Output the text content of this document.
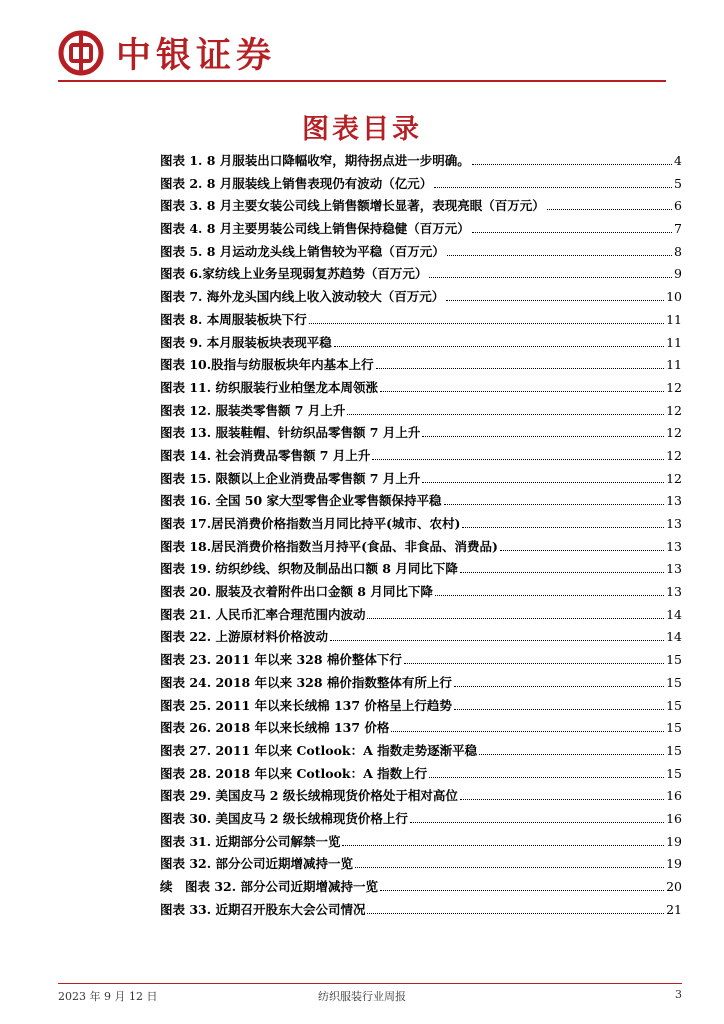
中银证券
图表目录
图表 1. 8 月服装出口降幅收窄，期待拐点进一步明确。	4
图表 2. 8 月服装线上销售表现仍有波动（亿元）	5
图表 3. 8 月主要女装公司线上销售额增长显著，表现亮眼（百万元）	6
图表 4. 8 月主要男装公司线上销售保持稳健（百万元）	7
图表 5. 8 月运动龙头线上销售较为平稳（百万元）	8
图表 6.家纺线上业务呈现弱复苏趋势（百万元）	9
图表 7. 海外龙头国内线上收入波动较大（百万元）	10
图表 8. 本周服装板块下行	11
图表 9. 本月服装板块表现平稳	11
图表 10.股指与纺服板块年内基本上行	11
图表 11. 纺织服装行业柏堡龙本周领涨	12
图表 12. 服装类零售额 7 月上升	12
图表 13. 服装鞋帽、针纺织品零售额 7 月上升	12
图表 14. 社会消费品零售额 7 月上升	12
图表 15. 限额以上企业消费品零售额 7 月上升	12
图表 16. 全国 50 家大型零售企业零售额保持平稳	13
图表 17.居民消费价格指数当月同比持平(城市、农村)	13
图表 18.居民消费价格指数当月持平(食品、非食品、消费品)	13
图表 19. 纺织纱线、织物及制品出口额 8 月同比下降	13
图表 20. 服装及衣着附件出口金额 8 月同比下降	13
图表 21. 人民币汇率合理范围内波动	14
图表 22. 上游原材料价格波动	14
图表 23. 2011 年以来 328 棉价整体下行	15
图表 24. 2018 年以来 328 棉价指数整体有所上行	15
图表 25. 2011 年以来长绒棉 137 价格呈上行趋势	15
图表 26. 2018 年以来长绒棉 137 价格	15
图表 27. 2011 年以来 Cotlook：A 指数走势逐渐平稳	15
图表 28. 2018 年以来 Cotlook：A 指数上行	15
图表 29. 美国皮马 2 级长绒棉现货价格处于相对高位	16
图表 30. 美国皮马 2 级长绒棉现货价格上行	16
图表 31. 近期部分公司解禁一览	19
图表 32. 部分公司近期增减持一览	19
续　图表 32. 部分公司近期增减持一览	20
图表 33. 近期召开股东大会公司情况	21
2023 年 9 月 12 日	纺织服装行业周报	3
